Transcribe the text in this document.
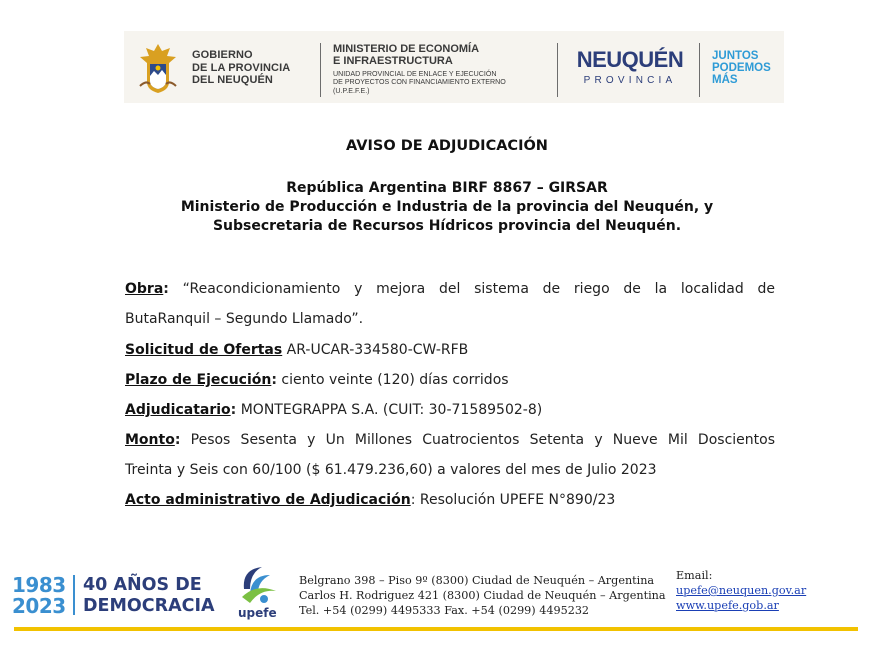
GOBIERNO
DE LA PROVINCIA
DEL NEUQUÉN
MINISTERIO DE ECONOMÍA
E INFRAESTRUCTURA
UNIDAD PROVINCIAL DE ENLACE Y EJECUCIÓN
DE PROYECTOS CON FINANCIAMIENTO EXTERNO
(U.P.E.F.E.)
NEUQUÉN
PROVINCIA
JUNTOS
PODEMOS
MÁS
AVISO DE ADJUDICACIÓN
República Argentina BIRF 8867 – GIRSAR
Ministerio de Producción e Industria de la provincia del Neuquén, y
Subsecretaria de Recursos Hídricos provincia del Neuquén.
Obra: “Reacondicionamiento y mejora del sistema de riego de la localidad de
ButaRanquil – Segundo Llamado”.
Solicitud de Ofertas AR-UCAR-334580-CW-RFB
Plazo de Ejecución: ciento veinte (120) días corridos
Adjudicatario: MONTEGRAPPA S.A. (CUIT: 30-71589502-8)
Monto: Pesos Sesenta y Un Millones Cuatrocientos Setenta y Nueve Mil Doscientos
Treinta y Seis con 60/100 ($ 61.479.236,60) a valores del mes de Julio 2023
Acto administrativo de Adjudicación: Resolución UPEFE N°890/23
1983
2023
40 AÑOS DE
DEMOCRACIA upefe
Belgrano 398 – Piso 9º (8300) Ciudad de Neuquén – Argentina
Carlos H. Rodriguez 421 (8300) Ciudad de Neuquén – Argentina
Tel. +54 (0299) 4495333 Fax. +54 (0299) 4495232
Email:
upefe@neuquen.gov.ar
www.upefe.gob.ar
